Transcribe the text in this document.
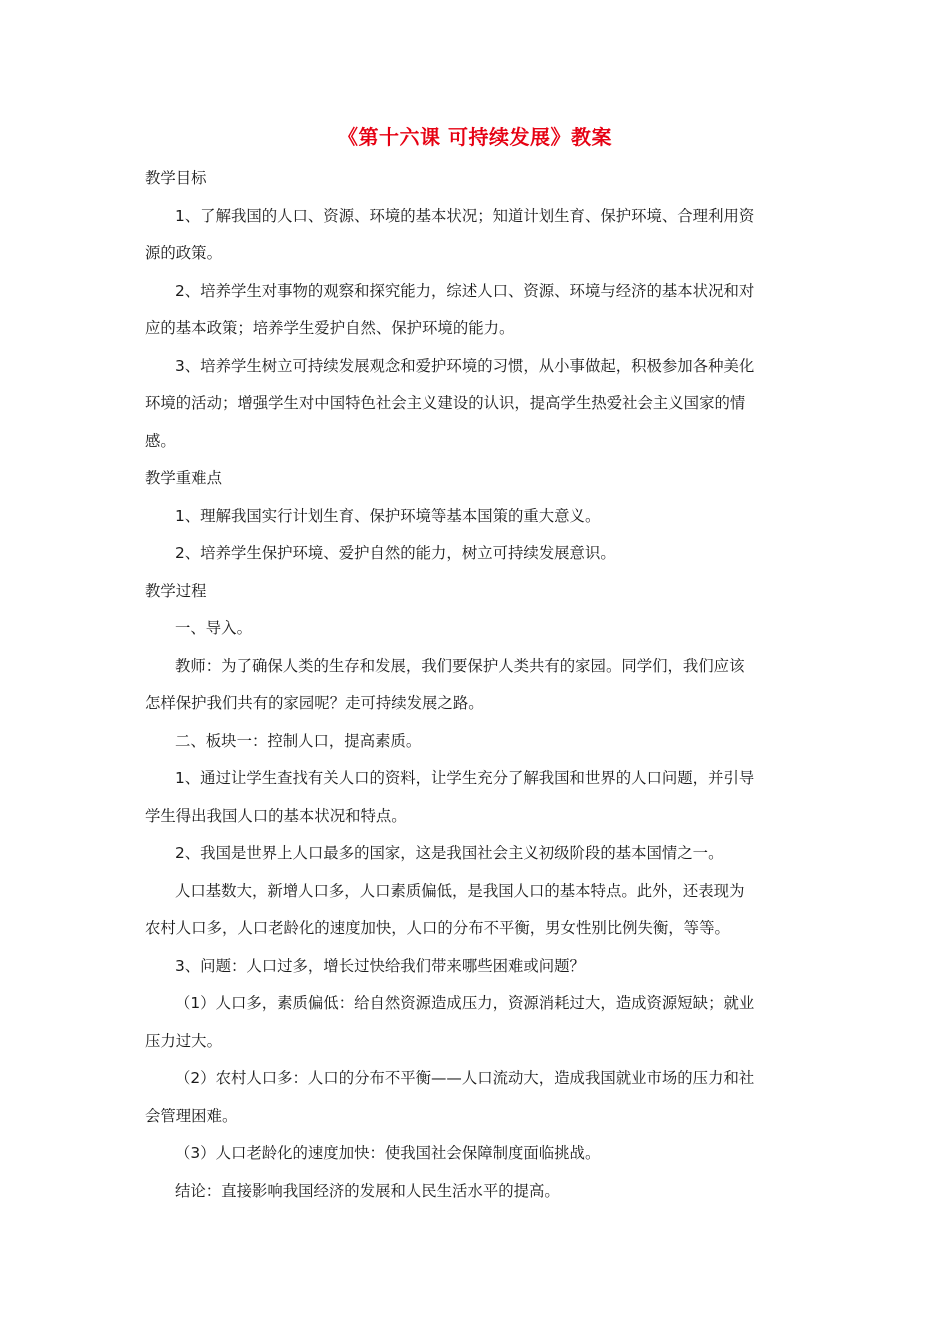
《第十六课 可持续发展》教案
教学目标
1、了解我国的人口、资源、环境的基本状况；知道计划生育、保护环境、合理利用资
源的政策。
2、培养学生对事物的观察和探究能力，综述人口、资源、环境与经济的基本状况和对
应的基本政策；培养学生爱护自然、保护环境的能力。
3、培养学生树立可持续发展观念和爱护环境的习惯，从小事做起，积极参加各种美化
环境的活动；增强学生对中国特色社会主义建设的认识，提高学生热爱社会主义国家的情
感。
教学重难点
1、理解我国实行计划生育、保护环境等基本国策的重大意义。
2、培养学生保护环境、爱护自然的能力，树立可持续发展意识。
教学过程
一、导入。
教师：为了确保人类的生存和发展，我们要保护人类共有的家园。同学们，我们应该
怎样保护我们共有的家园呢？走可持续发展之路。
二、板块一：控制人口，提高素质。
1、通过让学生查找有关人口的资料，让学生充分了解我国和世界的人口问题，并引导
学生得出我国人口的基本状况和特点。
2、我国是世界上人口最多的国家，这是我国社会主义初级阶段的基本国情之一。
人口基数大，新增人口多，人口素质偏低，是我国人口的基本特点。此外，还表现为
农村人口多，人口老龄化的速度加快，人口的分布不平衡，男女性别比例失衡，等等。
3、问题：人口过多，增长过快给我们带来哪些困难或问题？
（1）人口多，素质偏低：给自然资源造成压力，资源消耗过大，造成资源短缺；就业
压力过大。
（2）农村人口多：人口的分布不平衡——人口流动大，造成我国就业市场的压力和社
会管理困难。
（3）人口老龄化的速度加快：使我国社会保障制度面临挑战。
结论：直接影响我国经济的发展和人民生活水平的提高。
